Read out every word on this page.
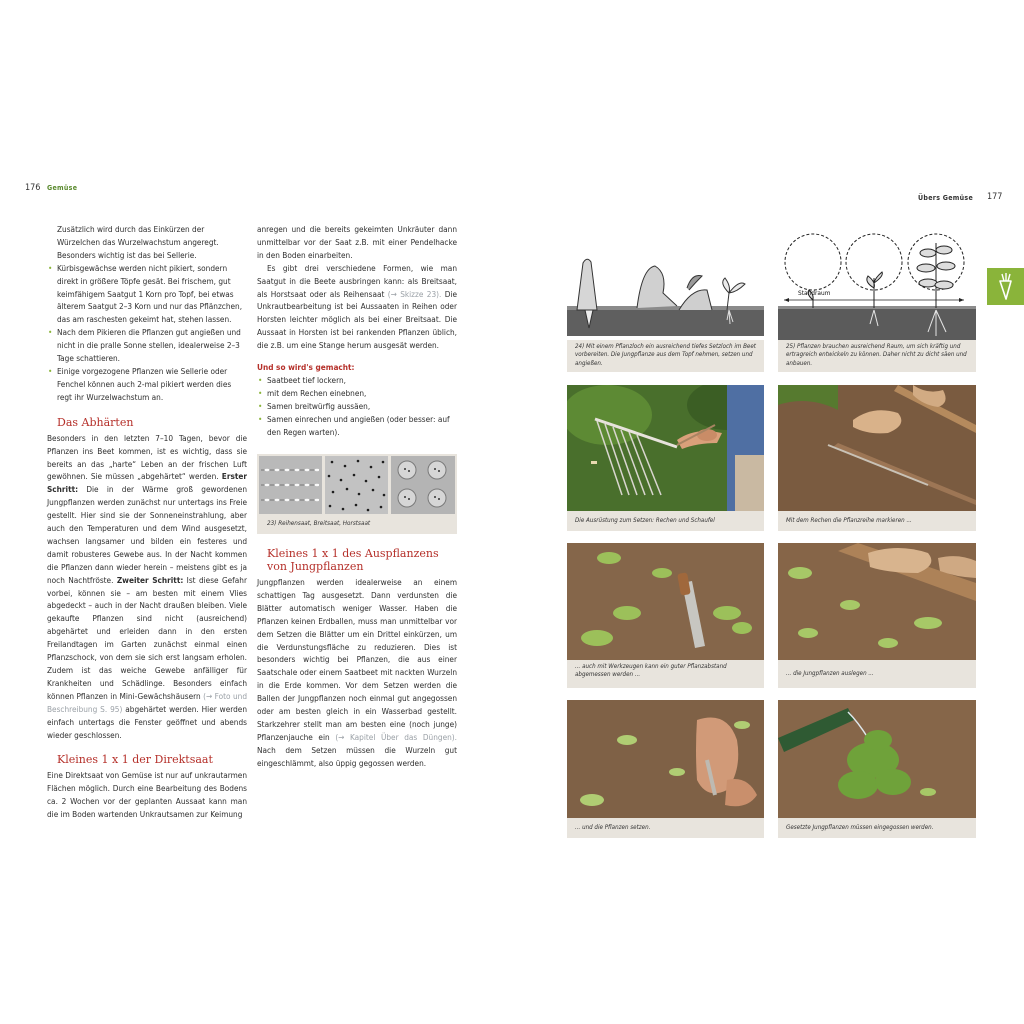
176 Gemüse
Zusätzlich wird durch das Einkürzen der
Würzelchen das Wurzelwachstum angeregt.
Besonders wichtig ist das bei Sellerie.
• Kürbisgewächse werden nicht pikiert, sondern direkt in größere Töpfe gesät. Bei frischem, gut keimfähigem Saatgut 1 Korn pro Topf, bei etwas älterem Saatgut 2–3 Korn und nur das Pflänzchen, das am raschesten gekeimt hat, stehen lassen.
• Nach dem Pikieren die Pflanzen gut angießen und nicht in die pralle Sonne stellen, idealerweise 2–3 Tage schattieren.
• Einige vorgezogene Pflanzen wie Sellerie oder Fenchel können auch 2-mal pikiert werden dies regt ihr Wurzelwachstum an.

Das Abhärten

Besonders in den letzten 7–10 Tagen, bevor die Pflanzen ins Beet kommen, ist es wichtig, dass sie bereits an das „harte“ Leben an der frischen Luft gewöhnen. Sie müssen „abgehärtet“ werden. Erster Schritt: Die in der Wärme groß gewordenen Jungpflanzen werden zunächst nur untertags ins Freie gestellt. Hier sind sie der Sonneneinstrahlung, aber auch den Temperaturen und dem Wind ausgesetzt, wachsen langsamer und bilden ein festeres und damit robusteres Gewebe aus. In der Nacht kommen die Pflanzen dann wieder herein – meistens gibt es ja noch Nachtfröste. Zweiter Schritt: Ist diese Gefahr vorbei, können sie – am besten mit einem Vlies abgedeckt – auch in der Nacht draußen bleiben. Viele gekaufte Pflanzen sind nicht (ausreichend) abgehärtet und erleiden dann in den ersten Freilandtagen im Garten zunächst einmal einen Pflanzschock, von dem sie sich erst langsam erholen. Zudem ist das weiche Gewebe anfälliger für Krankheiten und Schädlinge. Besonders einfach können Pflanzen in Mini-Gewächshäusern (→ Foto und Beschreibung S. 95) abgehärtet werden. Hier werden einfach untertags die Fenster geöffnet und abends wieder geschlossen.

Kleines 1 x 1 der Direktsaat

Eine Direktsaat von Gemüse ist nur auf unkrautarmen Flächen möglich. Durch eine Bearbeitung des Bodens ca. 2 Wochen vor der geplanten Aussaat kann man die im Boden wartenden Unkrautsamen zur Keimung

anregen und die bereits gekeimten Unkräuter dann unmittelbar vor der Saat z.B. mit einer Pendelhacke in den Boden einarbeiten.

Es gibt drei verschiedene Formen, wie man Saatgut in die Beete ausbringen kann: als Breitsaat, als Horstsaat oder als Reihensaat (→ Skizze 23). Die Unkrautbearbeitung ist bei Aussaaten in Reihen oder Horsten leichter möglich als bei einer Breitsaat. Die Aussaat in Horsten ist bei rankenden Pflanzen üblich, die z.B. um eine Stange herum ausgesät werden.

Und so wird's gemacht:
• Saatbeet tief lockern,
• mit dem Rechen einebnen,
• Samen breitwürfig aussäen,
• Samen einrechen und angießen (oder besser: auf den Regen warten).
23) Reihensaat, Breitsaat, Horstsaat

Kleines 1 x 1 des Auspflanzens von Jungpflanzen

Jungpflanzen werden idealerweise an einem schattigen Tag ausgesetzt. Dann verdunsten die Blätter automatisch weniger Wasser. Haben die Pflanzen keinen Erdballen, muss man unmittelbar vor dem Setzen die Blätter um ein Drittel einkürzen, um die Verdunstungsfläche zu reduzieren. Dies ist besonders wichtig bei Pflanzen, die aus einer Saatschale oder einem Saatbeet mit nackten Wurzeln in die Erde kommen. Vor dem Setzen werden die Ballen der Jungpflanzen noch einmal gut angegossen oder am besten gleich in ein Wasserbad gestellt. Starkzehrer stellt man am besten eine (noch junge) Pflanzenjauche ein (→ Kapitel Über das Düngen). Nach dem Setzen müssen die Wurzeln gut eingeschlämmt, also üppig gegossen werden.

Übers Gemüse 177
24) Mit einem Pflanzloch ein ausreichend tiefes Setzloch im Beet vorbereiten. Die Jungpflanze aus dem Topf nehmen, setzen und angießen.
Standraum
25) Pflanzen brauchen ausreichend Raum, um sich kräftig und ertragreich entwickeln zu können. Daher nicht zu dicht säen und anbauen.
Die Ausrüstung zum Setzen: Rechen und Schaufel	Mit dem Rechen die Pflanzreihe markieren ...
... auch mit Werkzeugen kann ein guter Pflanzabstand abgemessen werden ...	... die Jungpflanzen auslegen ...
... und die Pflanzen setzen.	Gesetzte Jungpflanzen müssen eingegossen werden.
